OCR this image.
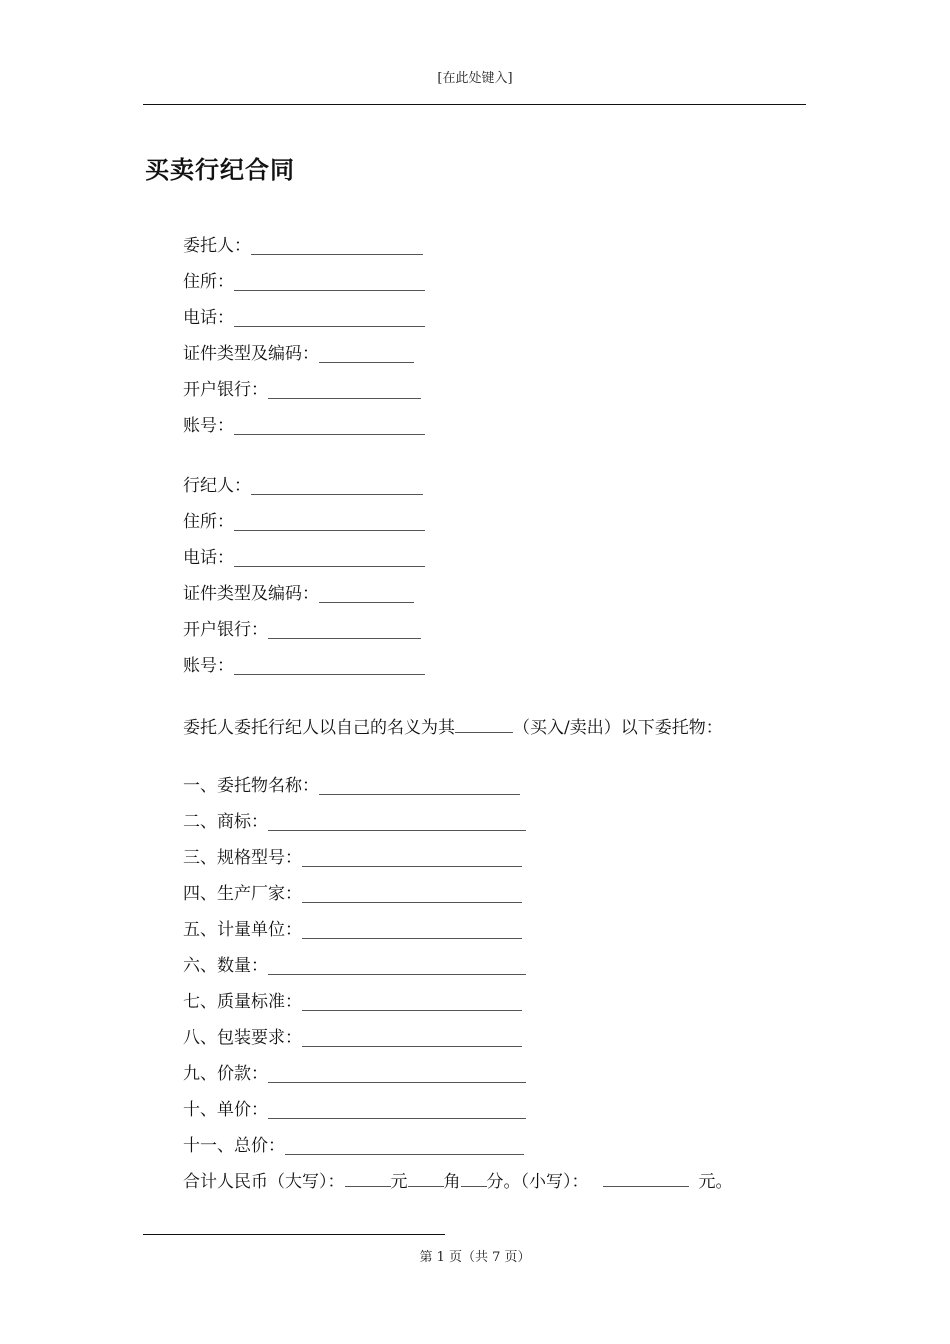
[在此处键入]
买卖行纪合同
委托人：
住所：
电话：
证件类型及编码：
开户银行：
账号：
行纪人：
住所：
电话：
证件类型及编码：
开户银行：
账号：
委托人委托行纪人以自己的名义为其	（买入/卖出）以下委托物：
一、委托物名称：
二、商标：
三、规格型号：
四、生产厂家：
五、计量单位：
六、数量：
七、质量标准：
八、包装要求：
九、价款：
十、单价：
十一、总价：
合计人民币（大写）：	元 角 分。（小写）：	元。
第 1 页（共 7 页）
